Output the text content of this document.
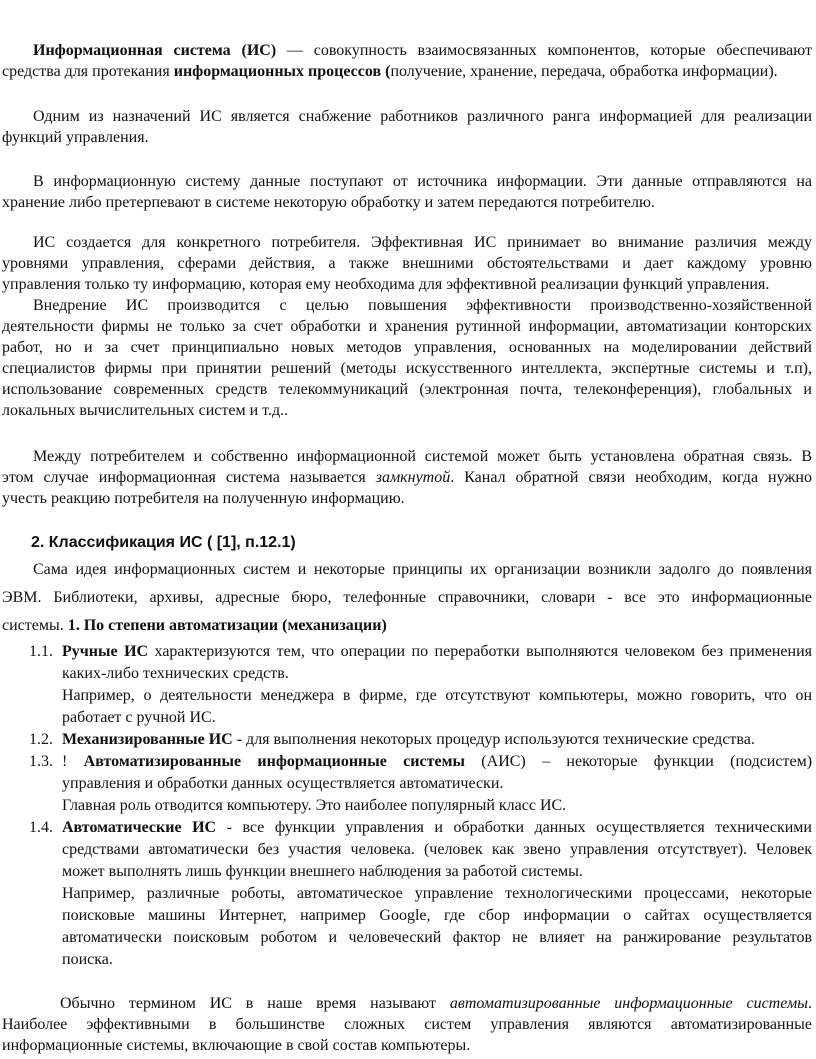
Информационная система (ИС) — совокупность взаимосвязанных компонентов, которые обеспечивают
средства для протекания информационных процессов (получение, хранение, передача, обработка информации).
Одним из назначений ИС является снабжение работников различного ранга информацией для реализации
функций управления.
В информационную систему данные поступают от источника информации. Эти данные отправляются на
хранение либо претерпевают в системе некоторую обработку и затем передаются потребителю.
ИС создается для конкретного потребителя. Эффективная ИС принимает во внимание различия между
уровнями управления, сферами действия, а также внешними обстоятельствами и дает каждому уровню
управления только ту информацию, которая ему необходима для эффективной реализации функций управления.
Внедрение ИС производится с целью повышения эффективности производственно-хозяйственной
деятельности фирмы не только за счет обработки и хранения рутинной информации, автоматизации конторских
работ, но и за счет принципиально новых методов управления, основанных на моделировании действий
специалистов фирмы при принятии решений (методы искусственного интеллекта, экспертные системы и т.п),
использование современных средств телекоммуникаций (электронная почта, телеконференция), глобальных и
локальных вычислительных систем и т.д..
Между потребителем и собственно информационной системой может быть установлена обратная связь. В
этом случае информационная система называется замкнутой. Канал обратной связи необходим, когда нужно
учесть реакцию потребителя на полученную информацию.
2. Классификация ИС ( [1], п.12.1)
Сама идея информационных систем и некоторые принципы их организации возникли задолго до появления
ЭВМ. Библиотеки, архивы, адресные бюро, телефонные справочники, словари - все это информационные
системы. 1. По степени автоматизации (механизации)
1.1. Ручные ИС характеризуются тем, что операции по переработки выполняются человеком без применения
каких-либо технических средств.
Например, о деятельности менеджера в фирме, где отсутствуют компьютеры, можно говорить, что он
работает с ручной ИС.
1.2. Механизированные ИС - для выполнения некоторых процедур используются технические средства.
1.3. ! Автоматизированные информационные системы (АИС) – некоторые функции (подсистем)
управления и обработки данных осуществляется автоматически.
Главная роль отводится компьютеру. Это наиболее популярный класс ИС.
1.4. Автоматические ИС - все функции управления и обработки данных осуществляется техническими
средствами автоматически без участия человека. (человек как звено управления отсутствует). Человек
может выполнять лишь функции внешнего наблюдения за работой системы.
Например, различные роботы, автоматическое управление технологическими процессами, некоторые
поисковые машины Интернет, например Google, где сбор информации о сайтах осуществляется
автоматически поисковым роботом и человеческий фактор не влияет на ранжирование результатов
поиска.
Обычно термином ИС в наше время называют автоматизированные информационные системы.
Наиболее эффективными в большинстве сложных систем управления являются автоматизированные
информационные системы, включающие в свой состав компьютеры.
